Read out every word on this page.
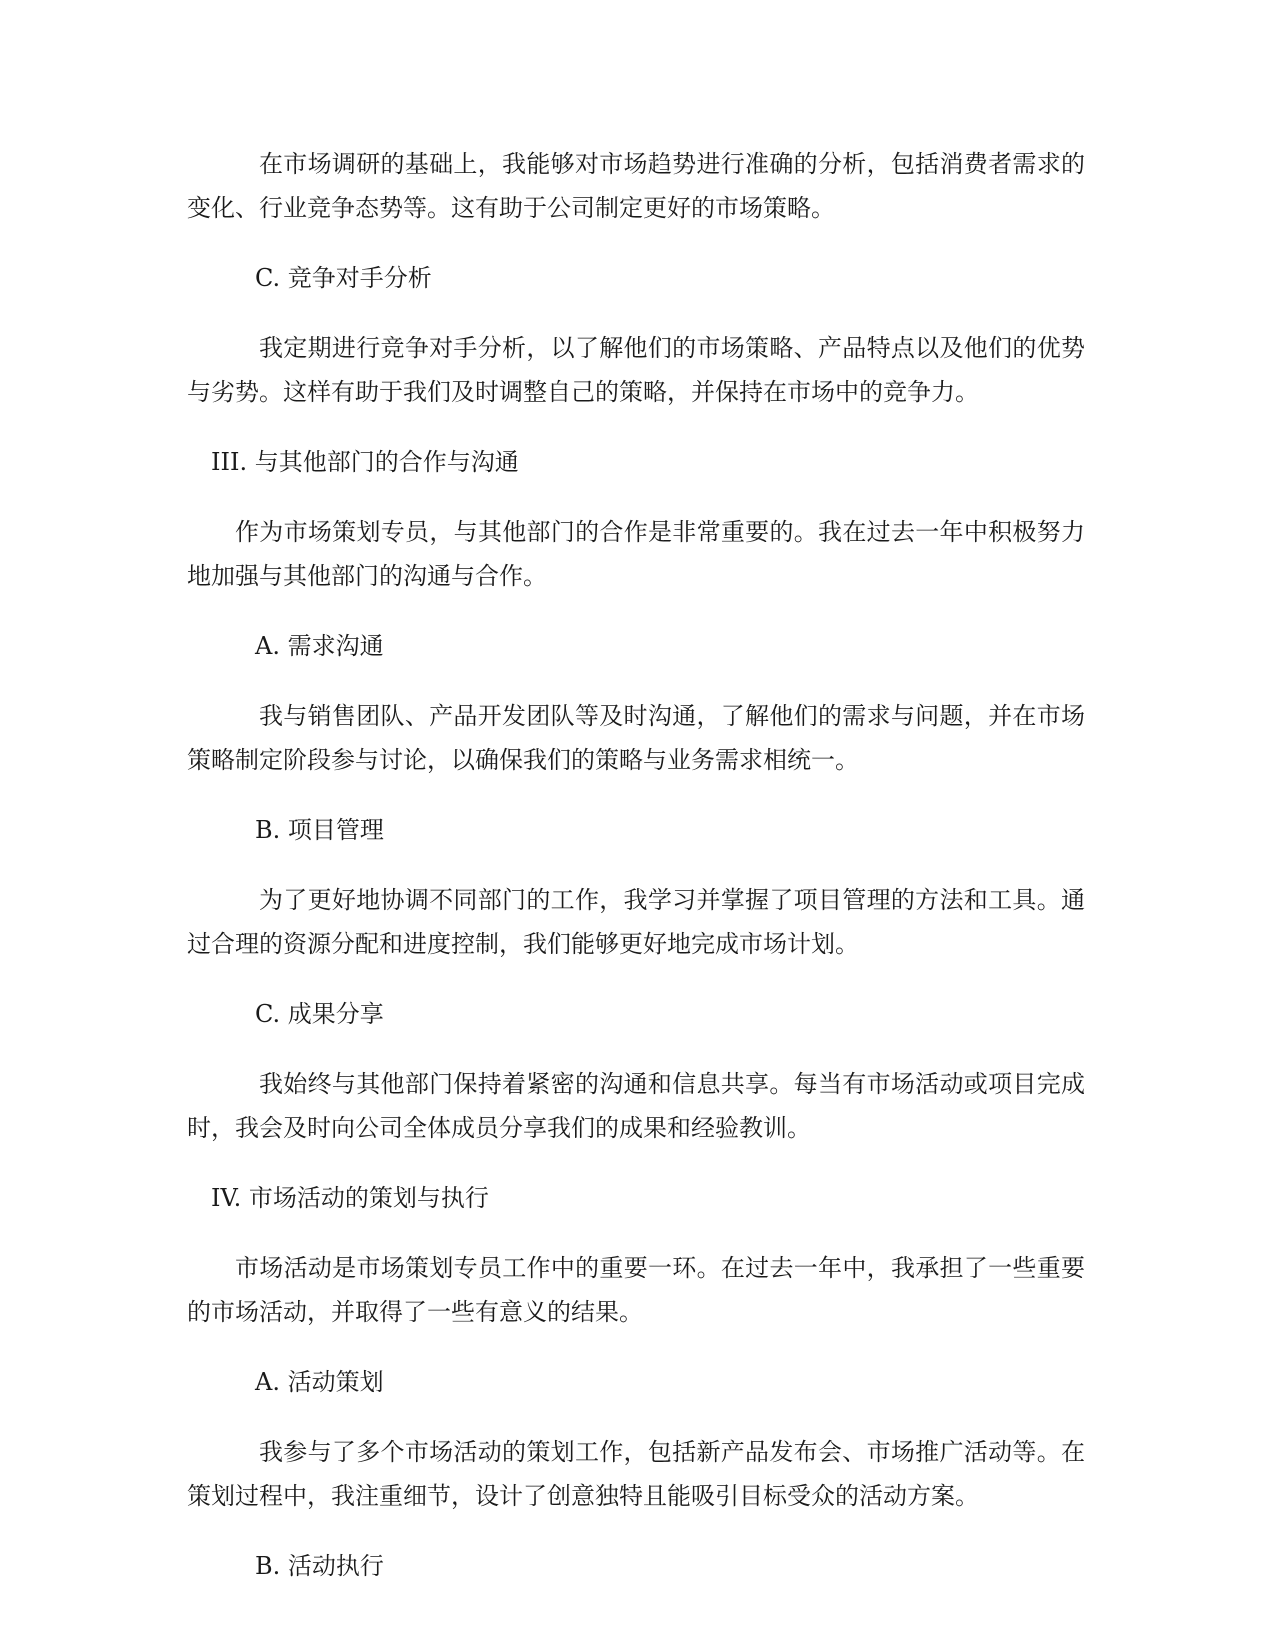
在市场调研的基础上，我能够对市场趋势进行准确的分析，包括消费者需求的变化、行业竞争态势等。这有助于公司制定更好的市场策略。

C. 竞争对手分析

我定期进行竞争对手分析，以了解他们的市场策略、产品特点以及他们的优势与劣势。这样有助于我们及时调整自己的策略，并保持在市场中的竞争力。

III. 与其他部门的合作与沟通

作为市场策划专员，与其他部门的合作是非常重要的。我在过去一年中积极努力地加强与其他部门的沟通与合作。

A. 需求沟通

我与销售团队、产品开发团队等及时沟通，了解他们的需求与问题，并在市场策略制定阶段参与讨论，以确保我们的策略与业务需求相统一。

B. 项目管理

为了更好地协调不同部门的工作，我学习并掌握了项目管理的方法和工具。通过合理的资源分配和进度控制，我们能够更好地完成市场计划。

C. 成果分享

我始终与其他部门保持着紧密的沟通和信息共享。每当有市场活动或项目完成时，我会及时向公司全体成员分享我们的成果和经验教训。

IV. 市场活动的策划与执行

市场活动是市场策划专员工作中的重要一环。在过去一年中，我承担了一些重要的市场活动，并取得了一些有意义的结果。

A. 活动策划

我参与了多个市场活动的策划工作，包括新产品发布会、市场推广活动等。在策划过程中，我注重细节，设计了创意独特且能吸引目标受众的活动方案。

B. 活动执行
